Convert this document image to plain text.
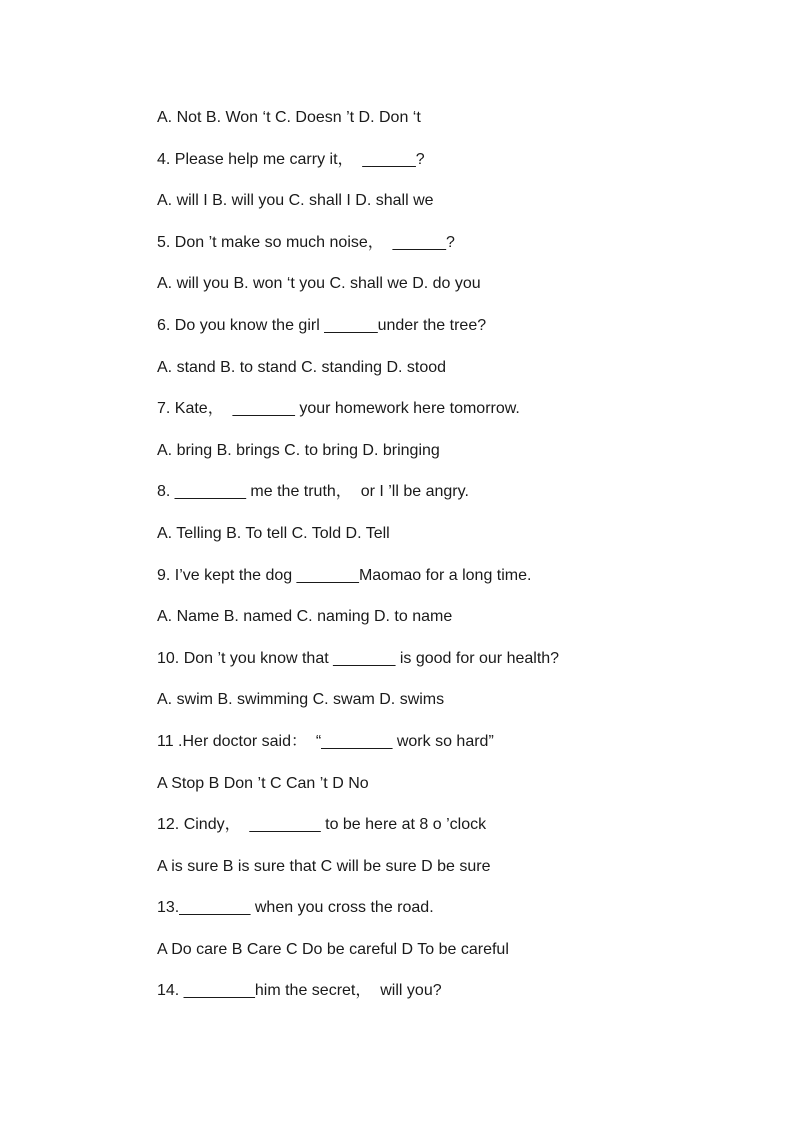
A. Not B. Won ‘t C. Doesn ’t D. Don ‘t
4. Please help me carry it，  ______?
A. will I B. will you C. shall I D. shall we
5. Don ’t make so much noise，  ______?
A. will you B. won ‘t you C. shall we D. do you
6. Do you know the girl ______under the tree?
A. stand B. to stand C. standing D. stood
7. Kate，  _______ your homework here tomorrow.
A. bring B. brings C. to bring D. bringing
8. ________ me the truth，  or I ’ll be angry.
A. Telling B. To tell C. Told D. Tell
9. I’ve kept the dog _______Maomao for a long time.
A. Name B. named C. naming D. to name
10. Don ’t you know that _______ is good for our health?
A. swim B. swimming C. swam D. swims
11 .Her doctor said：  “________ work so hard”
A Stop B Don ’t C Can ’t D No
12. Cindy，  ________ to be here at 8 o ’clock
A is sure B is sure that C will be sure D be sure
13.________ when you cross the road.
A Do care B Care C Do be careful D To be careful
14. ________him the secret，  will you?
